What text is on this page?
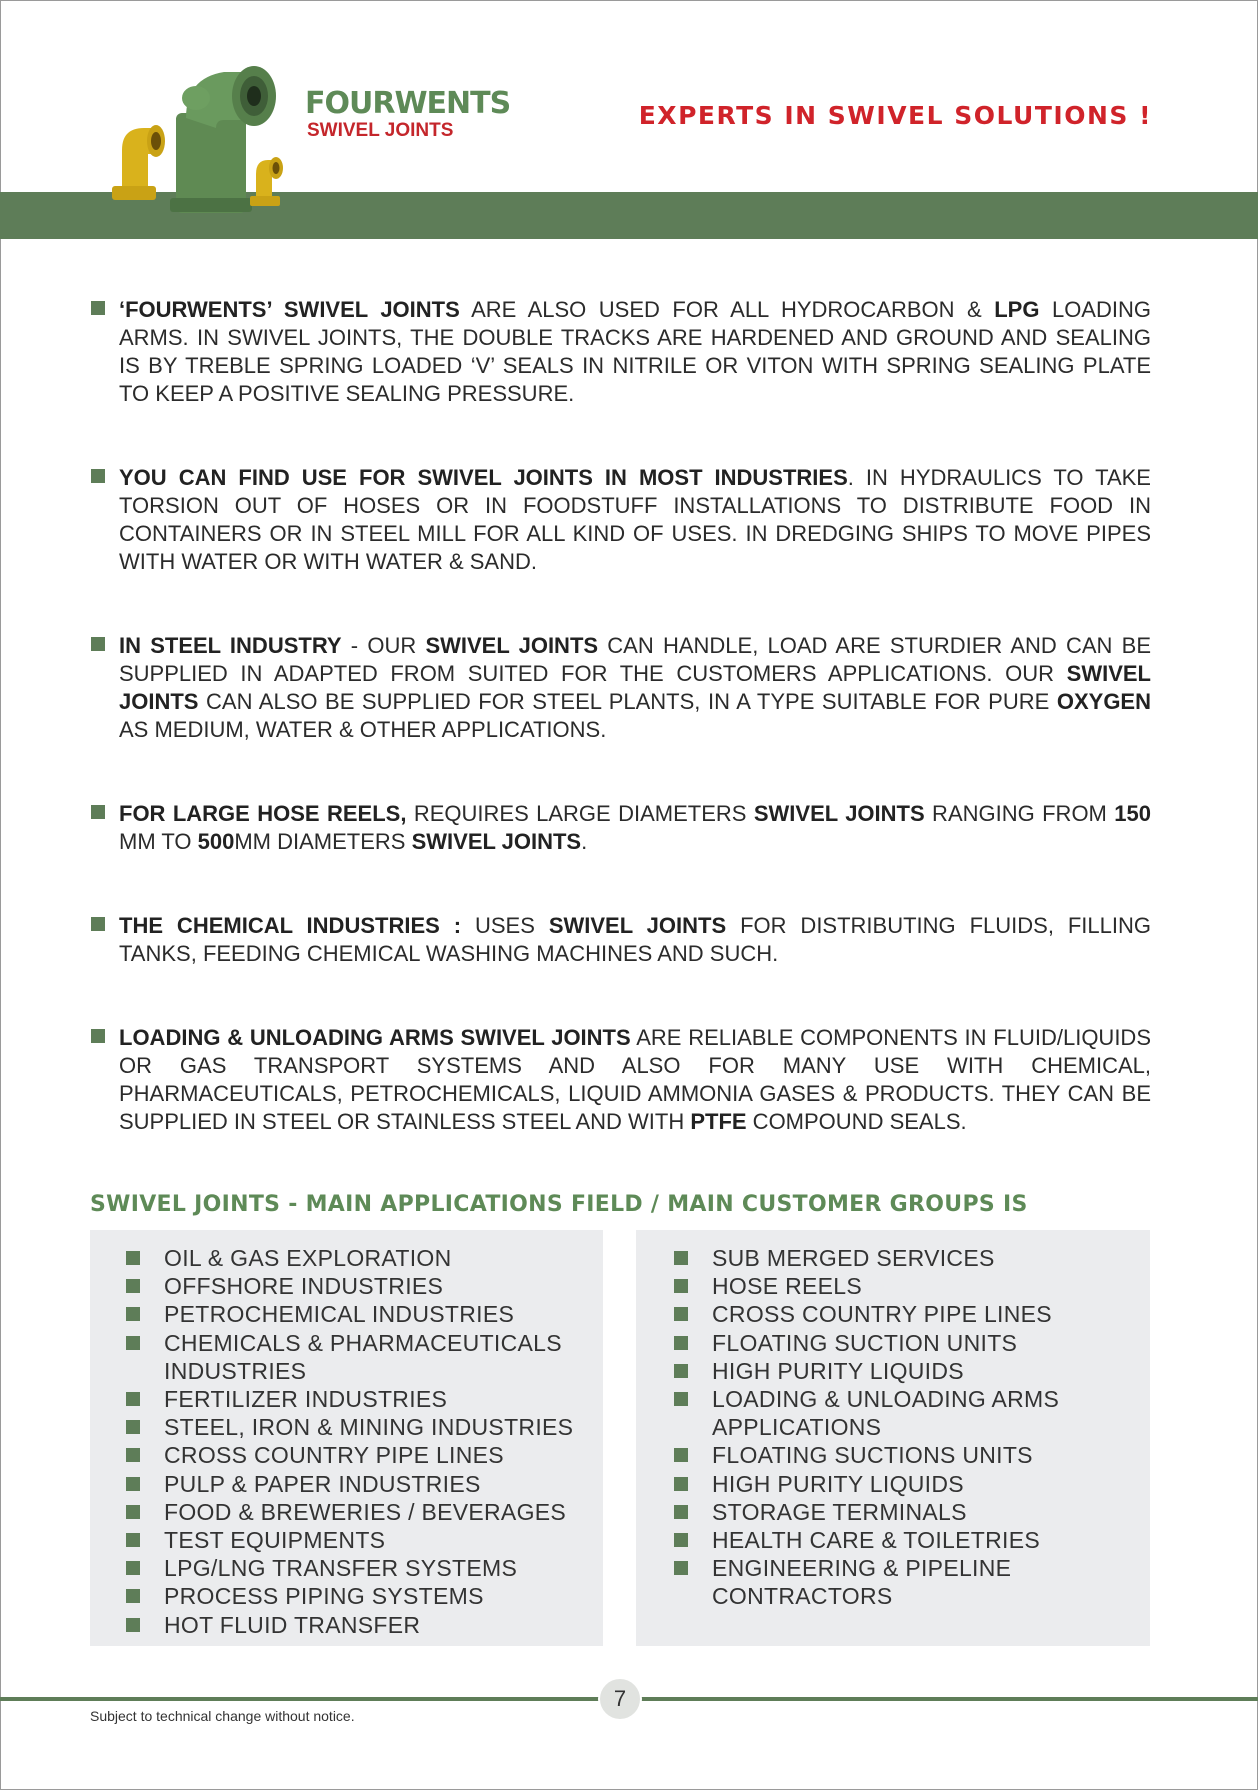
FOURWENTS
SWIVEL JOINTS
EXPERTS IN SWIVEL SOLUTIONS !
‘FOURWENTS’ SWIVEL JOINTS ARE ALSO USED FOR ALL HYDROCARBON & LPG LOADING ARMS. IN SWIVEL JOINTS, THE DOUBLE TRACKS ARE HARDENED AND GROUND AND SEALING IS BY TREBLE SPRING LOADED ‘V’ SEALS IN NITRILE OR VITON WITH SPRING SEALING PLATE TO KEEP A POSITIVE SEALING PRESSURE.
YOU CAN FIND USE FOR SWIVEL JOINTS IN MOST INDUSTRIES. IN HYDRAULICS TO TAKE TORSION OUT OF HOSES OR IN FOODSTUFF INSTALLATIONS TO DISTRIBUTE FOOD IN CONTAINERS OR IN STEEL MILL FOR ALL KIND OF USES. IN DREDGING SHIPS TO MOVE PIPES WITH WATER OR WITH WATER & SAND.
IN STEEL INDUSTRY - OUR SWIVEL JOINTS CAN HANDLE, LOAD ARE STURDIER AND CAN BE SUPPLIED IN ADAPTED FROM SUITED FOR THE CUSTOMERS APPLICATIONS. OUR SWIVEL JOINTS CAN ALSO BE SUPPLIED FOR STEEL PLANTS, IN A TYPE SUITABLE FOR PURE OXYGEN AS MEDIUM, WATER & OTHER APPLICATIONS.
FOR LARGE HOSE REELS, REQUIRES LARGE DIAMETERS SWIVEL JOINTS RANGING FROM 150 MM TO 500MM DIAMETERS SWIVEL JOINTS.
THE CHEMICAL INDUSTRIES : USES SWIVEL JOINTS FOR DISTRIBUTING FLUIDS, FILLING TANKS, FEEDING CHEMICAL WASHING MACHINES AND SUCH.
LOADING & UNLOADING ARMS SWIVEL JOINTS ARE RELIABLE COMPONENTS IN FLUID/LIQUIDS OR GAS TRANSPORT SYSTEMS AND ALSO FOR MANY USE WITH CHEMICAL, PHARMACEUTICALS, PETROCHEMICALS, LIQUID AMMONIA GASES & PRODUCTS. THEY CAN BE SUPPLIED IN STEEL OR STAINLESS STEEL AND WITH PTFE COMPOUND SEALS.
SWIVEL JOINTS - MAIN APPLICATIONS FIELD / MAIN CUSTOMER GROUPS IS
OIL & GAS EXPLORATION
OFFSHORE INDUSTRIES
PETROCHEMICAL INDUSTRIES
CHEMICALS & PHARMACEUTICALS
INDUSTRIES
FERTILIZER INDUSTRIES
STEEL, IRON & MINING INDUSTRIES
CROSS COUNTRY PIPE LINES
PULP & PAPER INDUSTRIES
FOOD & BREWERIES / BEVERAGES
TEST EQUIPMENTS
LPG/LNG TRANSFER SYSTEMS
PROCESS PIPING SYSTEMS
HOT FLUID TRANSFER
SUB MERGED SERVICES
HOSE REELS
CROSS COUNTRY PIPE LINES
FLOATING SUCTION UNITS
HIGH PURITY LIQUIDS
LOADING & UNLOADING ARMS
APPLICATIONS
FLOATING SUCTIONS UNITS
HIGH PURITY LIQUIDS
STORAGE TERMINALS
HEALTH CARE & TOILETRIES
ENGINEERING & PIPELINE
CONTRACTORS
7
Subject to technical change without notice.
